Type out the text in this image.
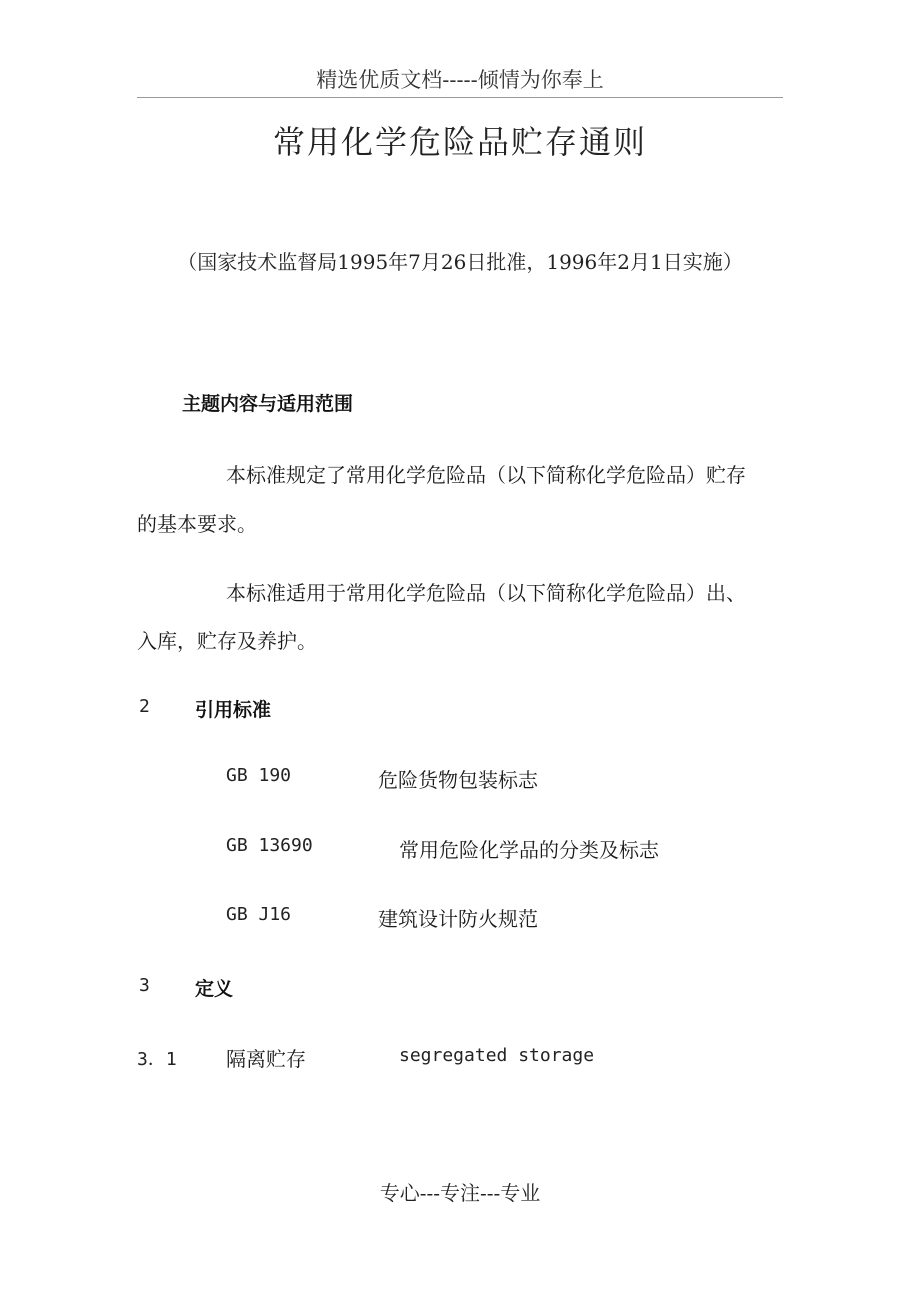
精选优质文档-----倾情为你奉上
常用化学危险品贮存通则
（国家技术监督局1995年7月26日批准，1996年2月1日实施）
主题内容与适用范围
本标准规定了常用化学危险品（以下简称化学危险品）贮存
的基本要求。
本标准适用于常用化学危险品（以下简称化学危险品）出、
入库，贮存及养护。
2 引用标准
GB 190	危险货物包装标志
GB 13690	常用危险化学品的分类及标志
GB J16	建筑设计防火规范
3 定义
3．1 隔离贮存	segregated storage
专心---专注---专业
